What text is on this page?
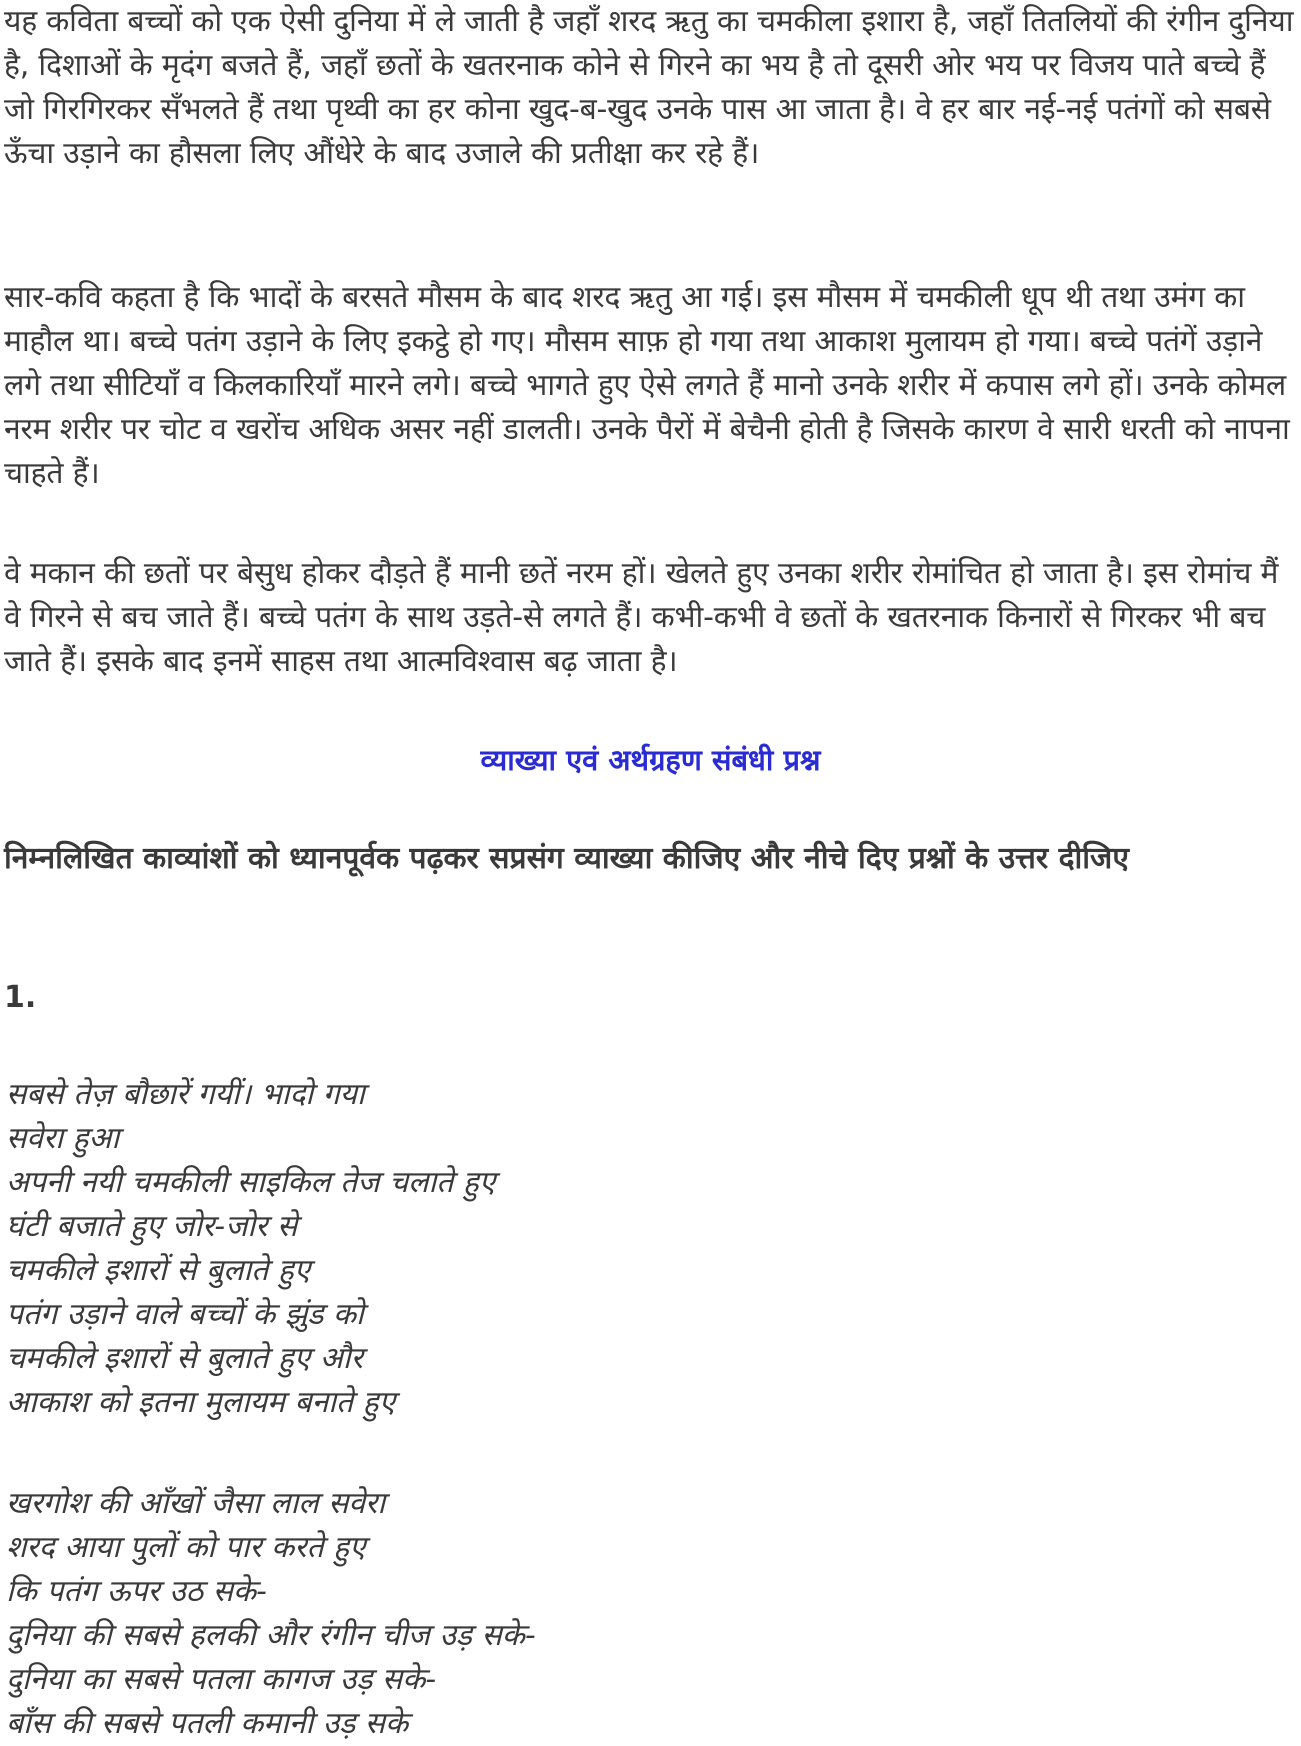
यह कविता बच्चों को एक ऐसी दुनिया में ले जाती है जहाँ शरद ऋतु का चमकीला इशारा है, जहाँ तितलियों की रंगीन दुनिया है, दिशाओं के मृदंग बजते हैं, जहाँ छतों के खतरनाक कोने से गिरने का भय है तो दूसरी ओर भय पर विजय पाते बच्चे हैं जो गिरगिरकर सँभलते हैं तथा पृथ्वी का हर कोना खुद-ब-खुद उनके पास आ जाता है। वे हर बार नई-नई पतंगों को सबसे ऊँचा उड़ाने का हौसला लिए औंधेरे के बाद उजाले की प्रतीक्षा कर रहे हैं।

सार-कवि कहता है कि भादों के बरसते मौसम के बाद शरद ऋतु आ गई। इस मौसम में चमकीली धूप थी तथा उमंग का माहौल था। बच्चे पतंग उड़ाने के लिए इकट्ठे हो गए। मौसम साफ़ हो गया तथा आकाश मुलायम हो गया। बच्चे पतंगें उड़ाने लगे तथा सीटियाँ व किलकारियाँ मारने लगे। बच्चे भागते हुए ऐसे लगते हैं मानो उनके शरीर में कपास लगे हों। उनके कोमल नरम शरीर पर चोट व खरोंच अधिक असर नहीं डालती। उनके पैरों में बेचैनी होती है जिसके कारण वे सारी धरती को नापना चाहते हैं।

वे मकान की छतों पर बेसुध होकर दौड़ते हैं मानी छतें नरम हों। खेलते हुए उनका शरीर रोमांचित हो जाता है। इस रोमांच मैं वे गिरने से बच जाते हैं। बच्चे पतंग के साथ उड़ते-से लगते हैं। कभी-कभी वे छतों के खतरनाक किनारों से गिरकर भी बच जाते हैं। इसके बाद इनमें साहस तथा आत्मविश्वास बढ़ जाता है।

व्याख्या एवं अर्थग्रहण संबंधी प्रश्न

निम्नलिखित काव्यांशों को ध्यानपूर्वक पढ़कर सप्रसंग व्याख्या कीजिए और नीचे दिए प्रश्नों के उत्तर दीजिए

1.

सबसे तेज़ बौछारें गयीं। भादो गया
सवेरा हुआ
अपनी नयी चमकीली साइकिल तेज चलाते हुए
घंटी बजाते हुए जोर-जोर से
चमकीले इशारों से बुलाते हुए
पतंग उड़ाने वाले बच्चों के झुंड को
चमकीले इशारों से बुलाते हुए और
आकाश को इतना मुलायम बनाते हुए
खरगोश की आँखों जैसा लाल सवेरा
शरद आया पुलों को पार करते हुए
कि पतंग ऊपर उठ सके-
दुनिया की सबसे हलकी और रंगीन चीज उड़ सके-
दुनिया का सबसे पतला कागज उड़ सके-
बाँस की सबसे पतली कमानी उड़ सके
